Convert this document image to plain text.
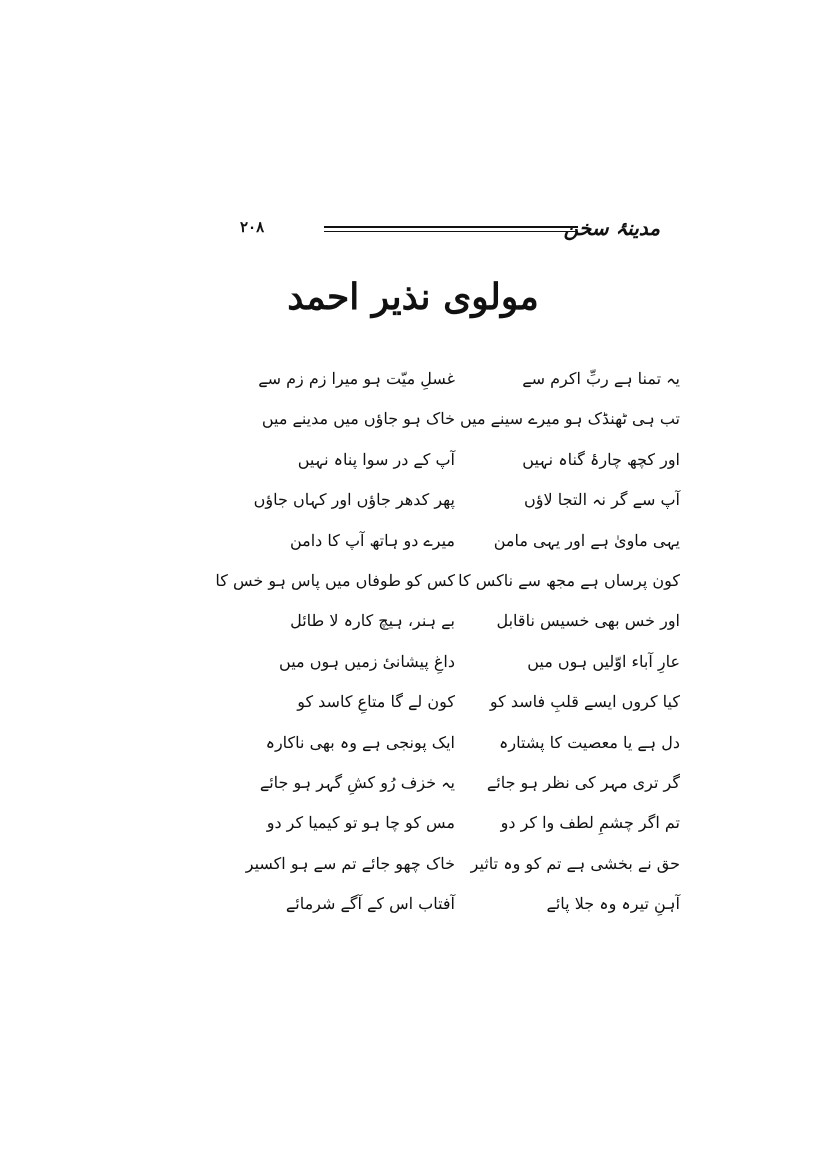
مدینۂ سخن
۲۰۸
مولوی نذیر احمد
یہ تمنا ہے ربِّ اکرم سے
غسلِ میّت ہو میرا زم زم سے
تب ہی ٹھنڈک ہو میرے سینے میں
خاک ہو جاؤں میں مدینے میں
اور کچھ چارۂ گناہ نہیں
آپ کے در سوا پناہ نہیں
آپ سے گر نہ التجا لاؤں
پھر کدھر جاؤں اور کہاں جاؤں
یہی ماویٰ ہے اور یہی مامن
میرے دو ہاتھ آپ کا دامن
کون پرساں ہے مجھ سے ناکس کا
کس کو طوفاں میں پاس ہو خس کا
اور خس بھی خسیس ناقابل
بے ہنر، ہیچ کارہ لا طائل
عارِ آباء اوّلیں ہوں میں
داغِ پیشانیٔ زمیں ہوں میں
کیا کروں ایسے قلبِ فاسد کو
کون لے گا متاعِ کاسد کو
دل ہے یا معصیت کا پشتارہ
ایک پونجی ہے وہ بھی ناکارہ
گر تری مہر کی نظر ہو جائے
یہ خزف رُو کشِ گہر ہو جائے
تم اگر چشمِ لطف وا کر دو
مس کو چا ہو تو کیمیا کر دو
حق نے بخشی ہے تم کو وہ تاثیر
خاک چھو جائے تم سے ہو اکسیر
آہنِ تیرہ وہ جلا پائے
آفتاب اس کے آگے شرمائے
